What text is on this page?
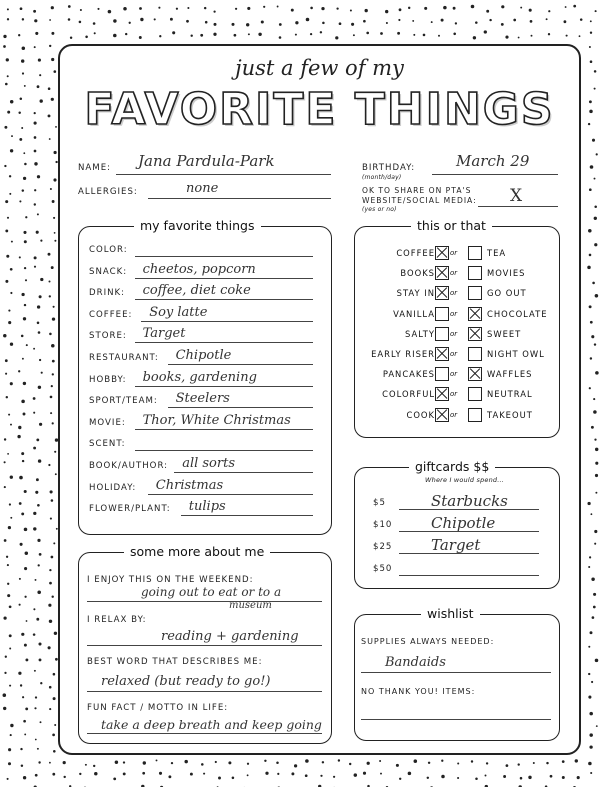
just a few of my
FAVORITE THINGS
NAME: Jana Pardula-Park	BIRTHDAY:
(month/day)
March 29
ALLERGIES:	none	OK TO SHARE ON PTA'S
WEBSITE/SOCIAL MEDIA:
(yes or no)
X
my favorite things
COLOR:
SNACK: cheetos, popcorn
DRINK: coffee, diet coke
COFFEE: Soy latte
STORE: Target
RESTAURANT: Chipotle
HOBBY: books, gardening
SPORT/TEAM: Steelers
MOVIE: Thor, White Christmas
SCENT:
BOOK/AUTHOR: all sorts
HOLIDAY: Christmas
FLOWER/PLANT: tulips
this or that
COFFEE or	TEA
BOOKS or	MOVIES
STAY IN or	GO OUT
VANILLA or	CHOCOLATE
SALTY or	SWEET
EARLY RISER or	NIGHT OWL
PANCAKES or	WAFFLES
COLORFUL or	NEUTRAL
COOK or	TAKEOUT
giftcards $$
Where I would spend...
$5	Starbucks
$10	Chipotle
$25	Target
$50
some more about me
I ENJOY THIS ON THE WEEKEND:
going out to eat or to a
museum
I RELAX BY:
reading + gardening
BEST WORD THAT DESCRIBES ME:
relaxed (but ready to go!)
FUN FACT / MOTTO IN LIFE:
take a deep breath and keep going
wishlist
SUPPLIES ALWAYS NEEDED:
Bandaids
NO THANK YOU! ITEMS:
